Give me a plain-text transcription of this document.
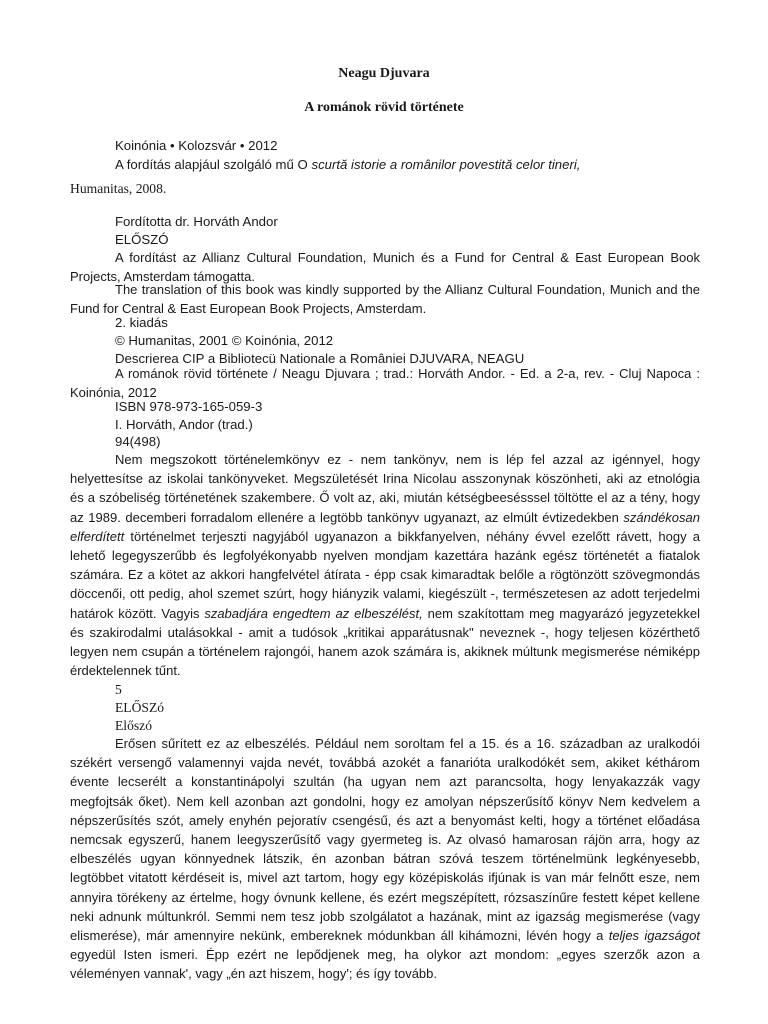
Neagu Djuvara
A románok rövid története
Koinónia • Kolozsvár • 2012
A fordítás alapjául szolgáló mű O scurtă istorie a românilor povestită celor tineri,
Humanitas, 2008.
Fordította dr. Horváth Andor
ELŐSZÓ

A fordítást az Allianz Cultural Foundation, Munich és a Fund for Central & East European Book Projects, Amsterdam támogatta.

The translation of this book was kindly supported by the Allianz Cultural Foundation, Munich and the Fund for Central & East European Book Projects, Amsterdam.

2. kiadás
© Humanitas, 2001 © Koinónia, 2012
Descrierea CIP a Bibliotecü Nationale a României DJUVARA, NEAGU

A románok rövid története / Neagu Djuvara ; trad.: Horváth Andor. - Ed. a 2-a, rev. - Cluj Napoca : Koinónia, 2012

ISBN 978-973-165-059-3
I. Horváth, Andor (trad.)
94(498)

Nem megszokott történelemkönyv ez - nem tankönyv, nem is lép fel azzal az igénnyel, hogy helyettesítse az iskolai tankönyveket. Megszületését Irina Nicolau asszonynak köszönheti, aki az etnológia és a szóbeliség történetének szakembere. Ő volt az, aki, miután kétségbeesésssel töltötte el az a tény, hogy az 1989. decemberi forradalom ellenére a legtöbb tankönyv ugyanazt, az elmúlt évtizedekben szándékosan elferdített történelmet terjeszti nagyjából ugyanazon a bikkfanyelven, néhány évvel ezelőtt rávett, hogy a lehető legegyszerűbb és legfolyékonyabb nyelven mondjam kazettára hazánk egész történetét a fiatalok számára. Ez a kötet az akkori hangfelvétel átírata - épp csak kimaradtak belőle a rögtönzött szövegmondás döccenői, ott pedig, ahol szemet szúrt, hogy hiányzik valami, kiegészült -, természetesen az adott terjedelmi határok között. Vagyis szabadjára engedtem az elbeszélést, nem szakítottam meg magyarázó jegyzetekkel és szakirodalmi utalásokkal - amit a tudósok „kritikai apparátusnak" neveznek -, hogy teljesen közérthető legyen nem csupán a történelem rajongói, hanem azok számára is, akiknek múltunk megismerése némiképp érdektelennek tűnt.

5
ELŐSZó
Előszó

Erősen sűrített ez az elbeszélés. Például nem soroltam fel a 15. és a 16. században az uralkodói székért versengő valamennyi vajda nevét, továbbá azokét a fanarióta uralkodókét sem, akiket kéthárom évente lecserélt a konstantinápolyi szultán (ha ugyan nem azt parancsolta, hogy lenyakazzák vagy megfojtsák őket). Nem kell azonban azt gondolni, hogy ez amolyan népszerűsítő könyv Nem kedvelem a népszerűsítés szót, amely enyhén pejoratív csengésű, és azt a benyomást kelti, hogy a történet előadása nemcsak egyszerű, hanem leegyszerűsítő vagy gyermeteg is. Az olvasó hamarosan rájön arra, hogy az elbeszélés ugyan könnyednek látszik, én azonban bátran szóvá teszem történelmünk legkényesebb, legtöbbet vitatott kérdéseit is, mivel azt tartom, hogy egy középiskolás ifjúnak is van már felnőtt esze, nem annyira törékeny az értelme, hogy óvnunk kellene, és ezért megszépített, rózsaszínűre festett képet kellene neki adnunk múltunkról. Semmi nem tesz jobb szolgálatot a hazának, mint az igazság megismerése (vagy elismerése), már amennyire nekünk, embereknek módunkban áll kihámozni, lévén hogy a teljes igazságot egyedül Isten ismeri. Épp ezért ne lepődjenek meg, ha olykor azt mondom: „egyes szerzők azon a véleményen vannak', vagy „én azt hiszem, hogy'; és így tovább.
